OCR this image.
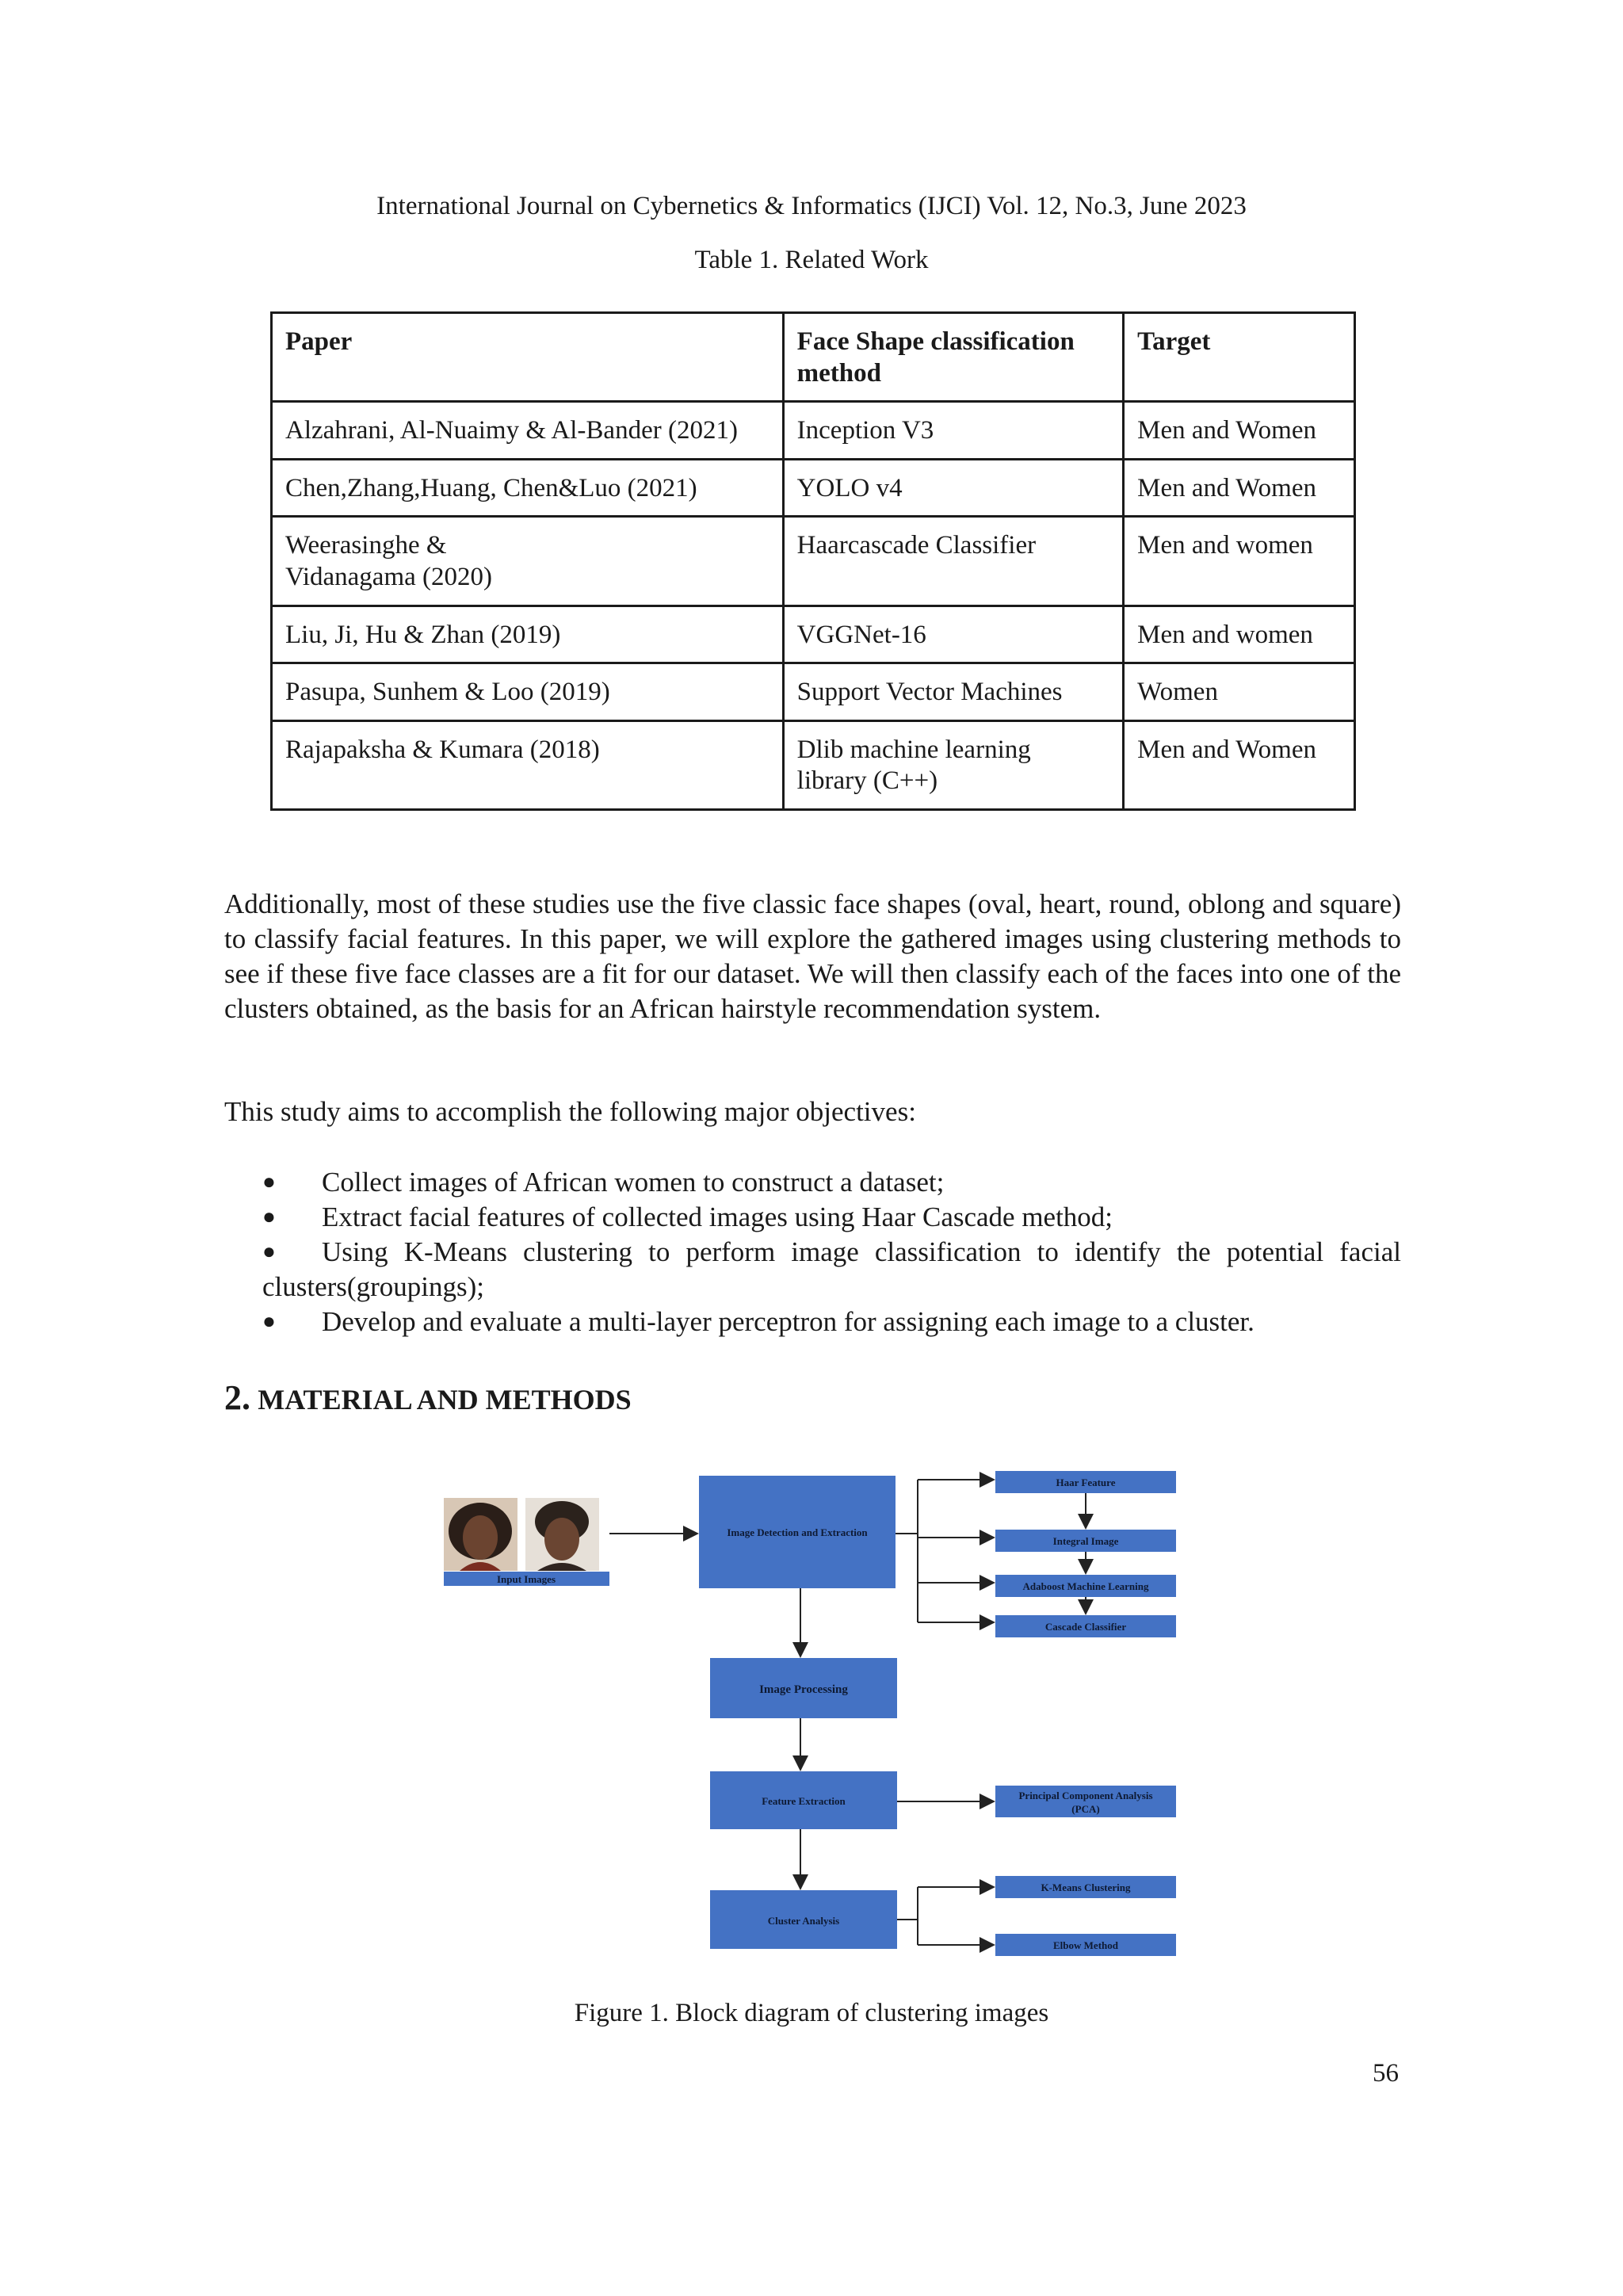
International Journal on Cybernetics & Informatics (IJCI) Vol. 12, No.3, June 2023
Table 1. Related Work
Paper	Face Shape classification method	Target
Alzahrani, Al-Nuaimy & Al-Bander (2021)	Inception V3	Men and Women
Chen,Zhang,Huang, Chen&Luo (2021)	YOLO v4	Men and Women
Weerasinghe & Vidanagama (2020)	Haarcascade Classifier	Men and women
Liu, Ji, Hu & Zhan (2019)	VGGNet-16	Men and women
Pasupa, Sunhem & Loo (2019)	Support Vector Machines	Women
Rajapaksha & Kumara (2018)	Dlib machine learning library (C++)	Men and Women

Additionally, most of these studies use the five classic face shapes (oval, heart, round, oblong and square) to classify facial features. In this paper, we will explore the gathered images using clustering methods to see if these five face classes are a fit for our dataset. We will then classify each of the faces into one of the clusters obtained, as the basis for an African hairstyle recommendation system.

This study aims to accomplish the following major objectives:

●	Collect images of African women to construct a dataset;
●	Extract facial features of collected images using Haar Cascade method;
●	Using K-Means clustering to perform image classification to identify the potential facial clusters(groupings);
●	Develop and evaluate a multi-layer perceptron for assigning each image to a cluster.
2. MATERIAL AND METHODS
Input Images
Image Detection and Extraction
Haar Feature
Integral Image
Adaboost Machine Learning
Cascade Classifier
Image Processing
Feature Extraction	Principal Component Analysis
(PCA)
Cluster Analysis
K-Means Clustering
Elbow Method
Figure 1. Block diagram of clustering images
56
